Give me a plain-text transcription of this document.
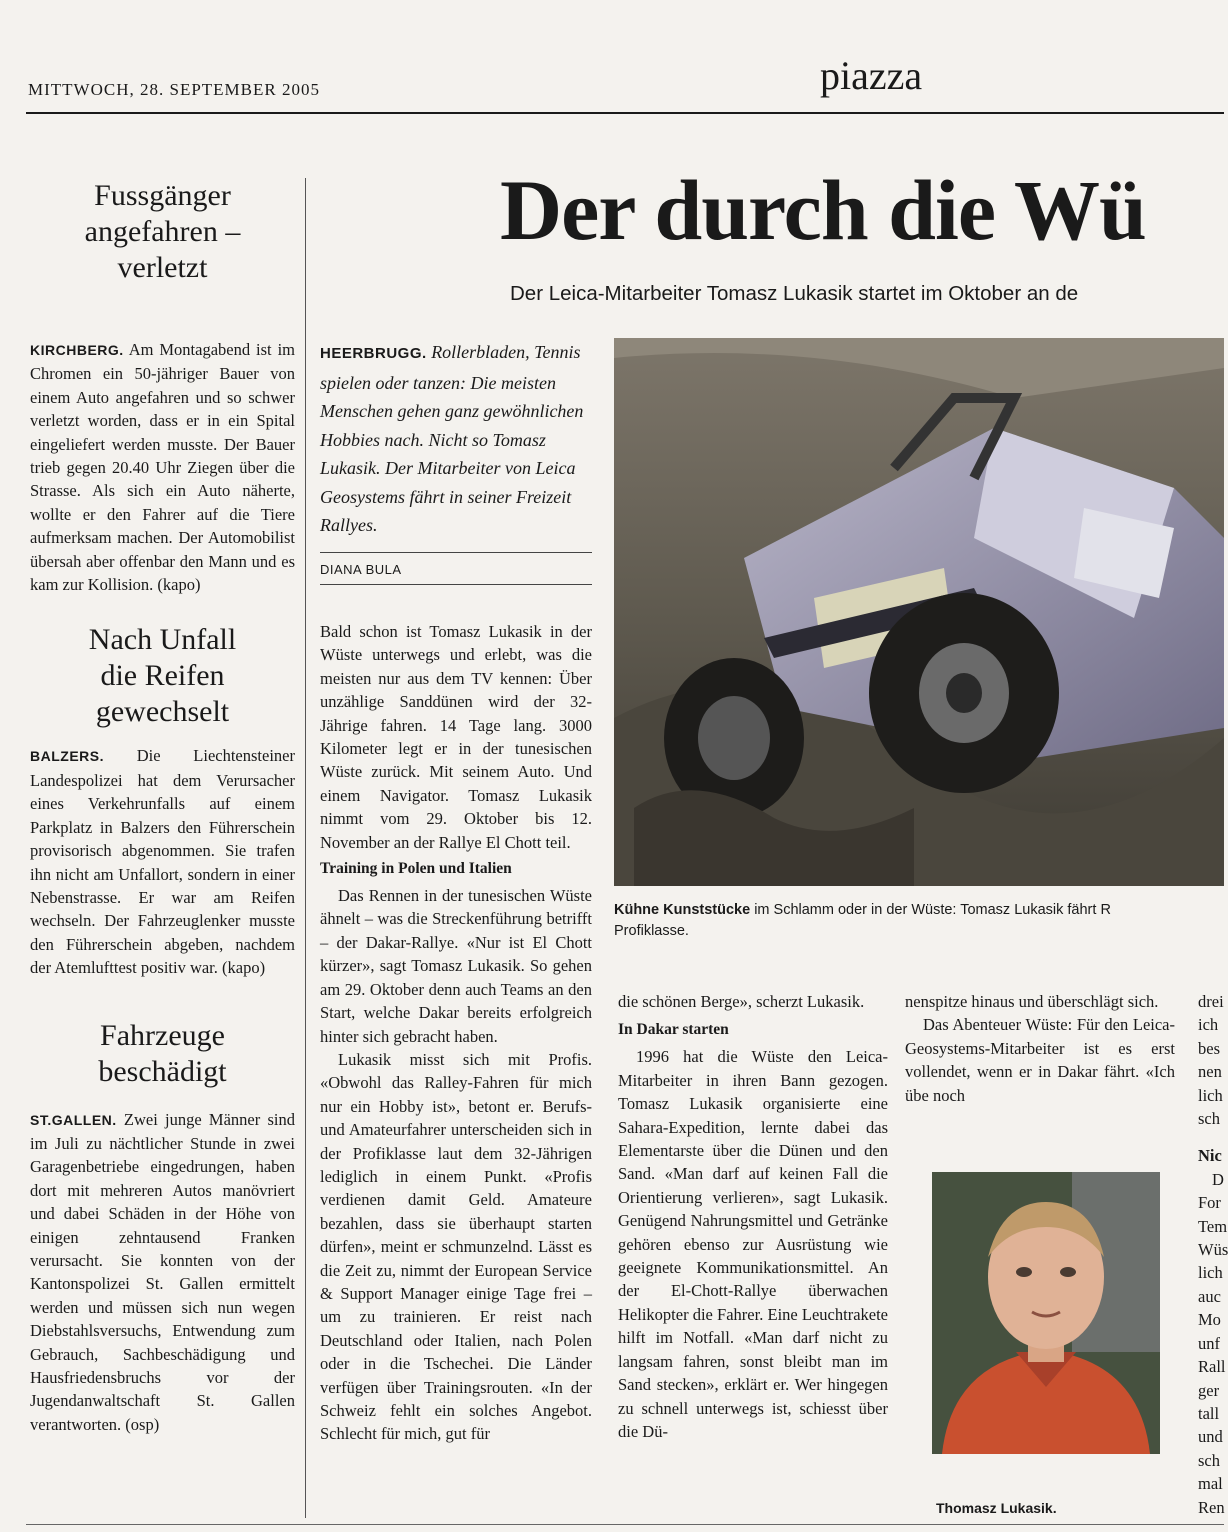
MITTWOCH, 28. SEPTEMBER 2005	piazza
Fussgänger angefahren – verletzt

KIRCHBERG. Am Montagabend ist im Chromen ein 50-jähriger Bauer von einem Auto angefahren und so schwer verletzt worden, dass er in ein Spital eingeliefert werden musste. Der Bauer trieb gegen 20.40 Uhr Ziegen über die Strasse. Als sich ein Auto näherte, wollte er den Fahrer auf die Tiere aufmerksam machen. Der Automobilist übersah aber offenbar den Mann und es kam zur Kollision. (kapo)

Nach Unfall die Reifen gewechselt

BALZERS. Die Liechtensteiner Landespolizei hat dem Verursacher eines Verkehrunfalls auf einem Parkplatz in Balzers den Führerschein provisorisch abgenommen. Sie trafen ihn nicht am Unfallort, sondern in einer Nebenstrasse. Er war am Reifen wechseln. Der Fahrzeuglenker musste den Führerschein abgeben, nachdem der Atemlufttest positiv war. (kapo)

Fahrzeuge beschädigt

ST.GALLEN. Zwei junge Männer sind im Juli zu nächtlicher Stunde in zwei Garagenbetriebe eingedrungen, haben dort mit mehreren Autos manövriert und dabei Schäden in der Höhe von einigen zehntausend Franken verursacht. Sie konnten von der Kantonspolizei St. Gallen ermittelt werden und müssen sich nun wegen Diebstahlsversuchs, Entwendung zum Gebrauch, Sachbeschädigung und Hausfriedensbruchs vor der Jugendanwaltschaft St. Gallen verantworten. (osp)

Der durch die Wü
Der Leica-Mitarbeiter Tomasz Lukasik startet im Oktober an de

HEERBRUGG. Rollerbladen, Tennis spielen oder tanzen: Die meisten Menschen gehen ganz gewöhnlichen Hobbies nach. Nicht so Tomasz Lukasik. Der Mitarbeiter von Leica Geosystems fährt in seiner Freizeit Rallyes.

DIANA BULA

Bald schon ist Tomasz Lukasik in der Wüste unterwegs und erlebt, was die meisten nur aus dem TV kennen: Über unzählige Sanddünen wird der 32-Jährige fahren. 14 Tage lang. 3000 Kilometer legt er in der tunesischen Wüste zurück. Mit seinem Auto. Und einem Navigator. Tomasz Lukasik nimmt vom 29. Oktober bis 12. November an der Rallye El Chott teil.

Training in Polen und Italien

Das Rennen in der tunesischen Wüste ähnelt – was die Streckenführung betrifft – der Dakar-Rallye. «Nur ist El Chott kürzer», sagt Tomasz Lukasik. So gehen am 29. Oktober denn auch Teams an den Start, welche Dakar bereits erfolgreich hinter sich gebracht haben.

Lukasik misst sich mit Profis. «Obwohl das Ralley-Fahren für mich nur ein Hobby ist», betont er. Berufs- und Amateurfahrer unterscheiden sich in der Profiklasse laut dem 32-Jährigen lediglich in einem Punkt. «Profis verdienen damit Geld. Amateure bezahlen, dass sie überhaupt starten dürfen», meint er schmunzelnd. Lässt es die Zeit zu, nimmt der European Service & Support Manager einige Tage frei – um zu trainieren. Er reist nach Deutschland oder Italien, nach Polen oder in die Tschechei. Die Länder verfügen über Trainingsrouten. «In der Schweiz fehlt ein solches Angebot. Schlecht für mich, gut für

Kühne Kunststücke im Schlamm oder in der Wüste: Tomasz Lukasik fährt R
Profiklasse.

die schönen Berge», scherzt Lukasik.

In Dakar starten

1996 hat die Wüste den Leica-Mitarbeiter in ihren Bann gezogen. Tomasz Lukasik organisierte eine Sahara-Expedition, lernte dabei das Elementarste über die Dünen und den Sand. «Man darf auf keinen Fall die Orientierung verlieren», sagt Lukasik. Genügend Nahrungsmittel und Getränke gehören ebenso zur Ausrüstung wie geeignete Kommunikationsmittel. An der El-Chott-Rallye überwachen Helikopter die Fahrer. Eine Leuchtrakete hilft im Notfall. «Man darf nicht zu langsam fahren, sonst bleibt man im Sand stecken», erklärt er. Wer hingegen zu schnell unterwegs ist, schiesst über die Dü-

nenspitze hinaus und überschlägt sich.

Das Abenteuer Wüste: Für den Leica-Geosystems-Mitarbeiter ist es erst vollendet, wenn er in Dakar fährt. «Ich übe noch

Thomasz Lukasik.
drei
ich
bes
nen
lich
sch
Nic
D
For
Tem
Wüs
lich
auc
Mo
unf
Rall
ger
tall
und
sch
mal
Ren
